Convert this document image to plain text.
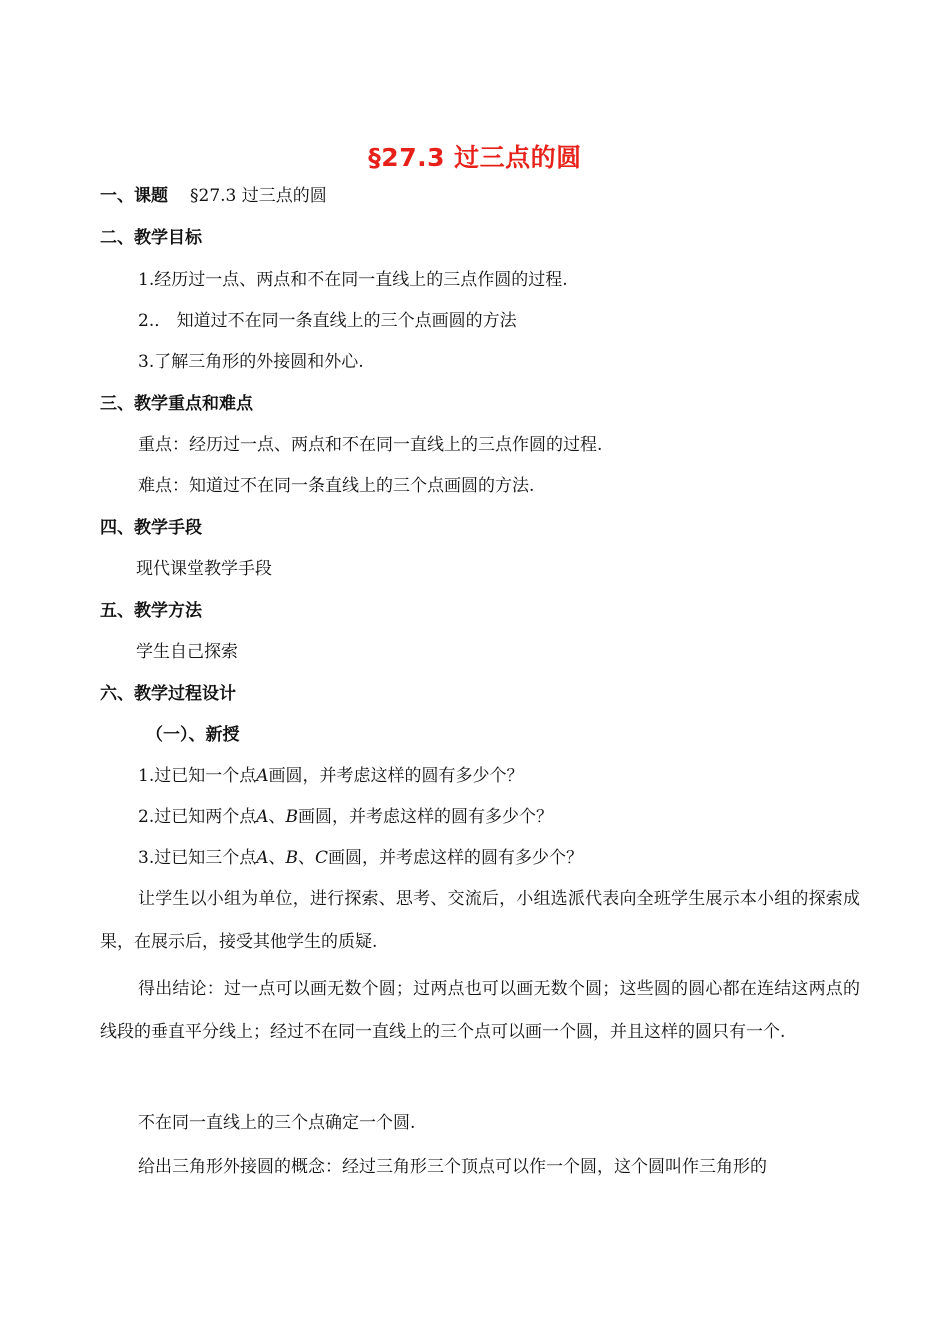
§27.3 过三点的圆
一、课题 §27.3 过三点的圆
二、教学目标
1.经历过一点、两点和不在同一直线上的三点作圆的过程.
2.． 知道过不在同一条直线上的三个点画圆的方法
3.了解三角形的外接圆和外心.
三、教学重点和难点
重点：经历过一点、两点和不在同一直线上的三点作圆的过程.
难点：知道过不在同一条直线上的三个点画圆的方法.
四、教学手段
现代课堂教学手段
五、教学方法
学生自己探索
六、教学过程设计
（一）、新授
1.过已知一个点A画圆，并考虑这样的圆有多少个？
2.过已知两个点A、B画圆，并考虑这样的圆有多少个？
3.过已知三个点A、B、C画圆，并考虑这样的圆有多少个？
让学生以小组为单位，进行探索、思考、交流后，小组选派代表向全班学生展示本小组的探索成果，在展示后，接受其他学生的质疑.
得出结论：过一点可以画无数个圆；过两点也可以画无数个圆；这些圆的圆心都在连结这两点的线段的垂直平分线上；经过不在同一直线上的三个点可以画一个圆，并且这样的圆只有一个.
不在同一直线上的三个点确定一个圆.
给出三角形外接圆的概念：经过三角形三个顶点可以作一个圆，这个圆叫作三角形的
